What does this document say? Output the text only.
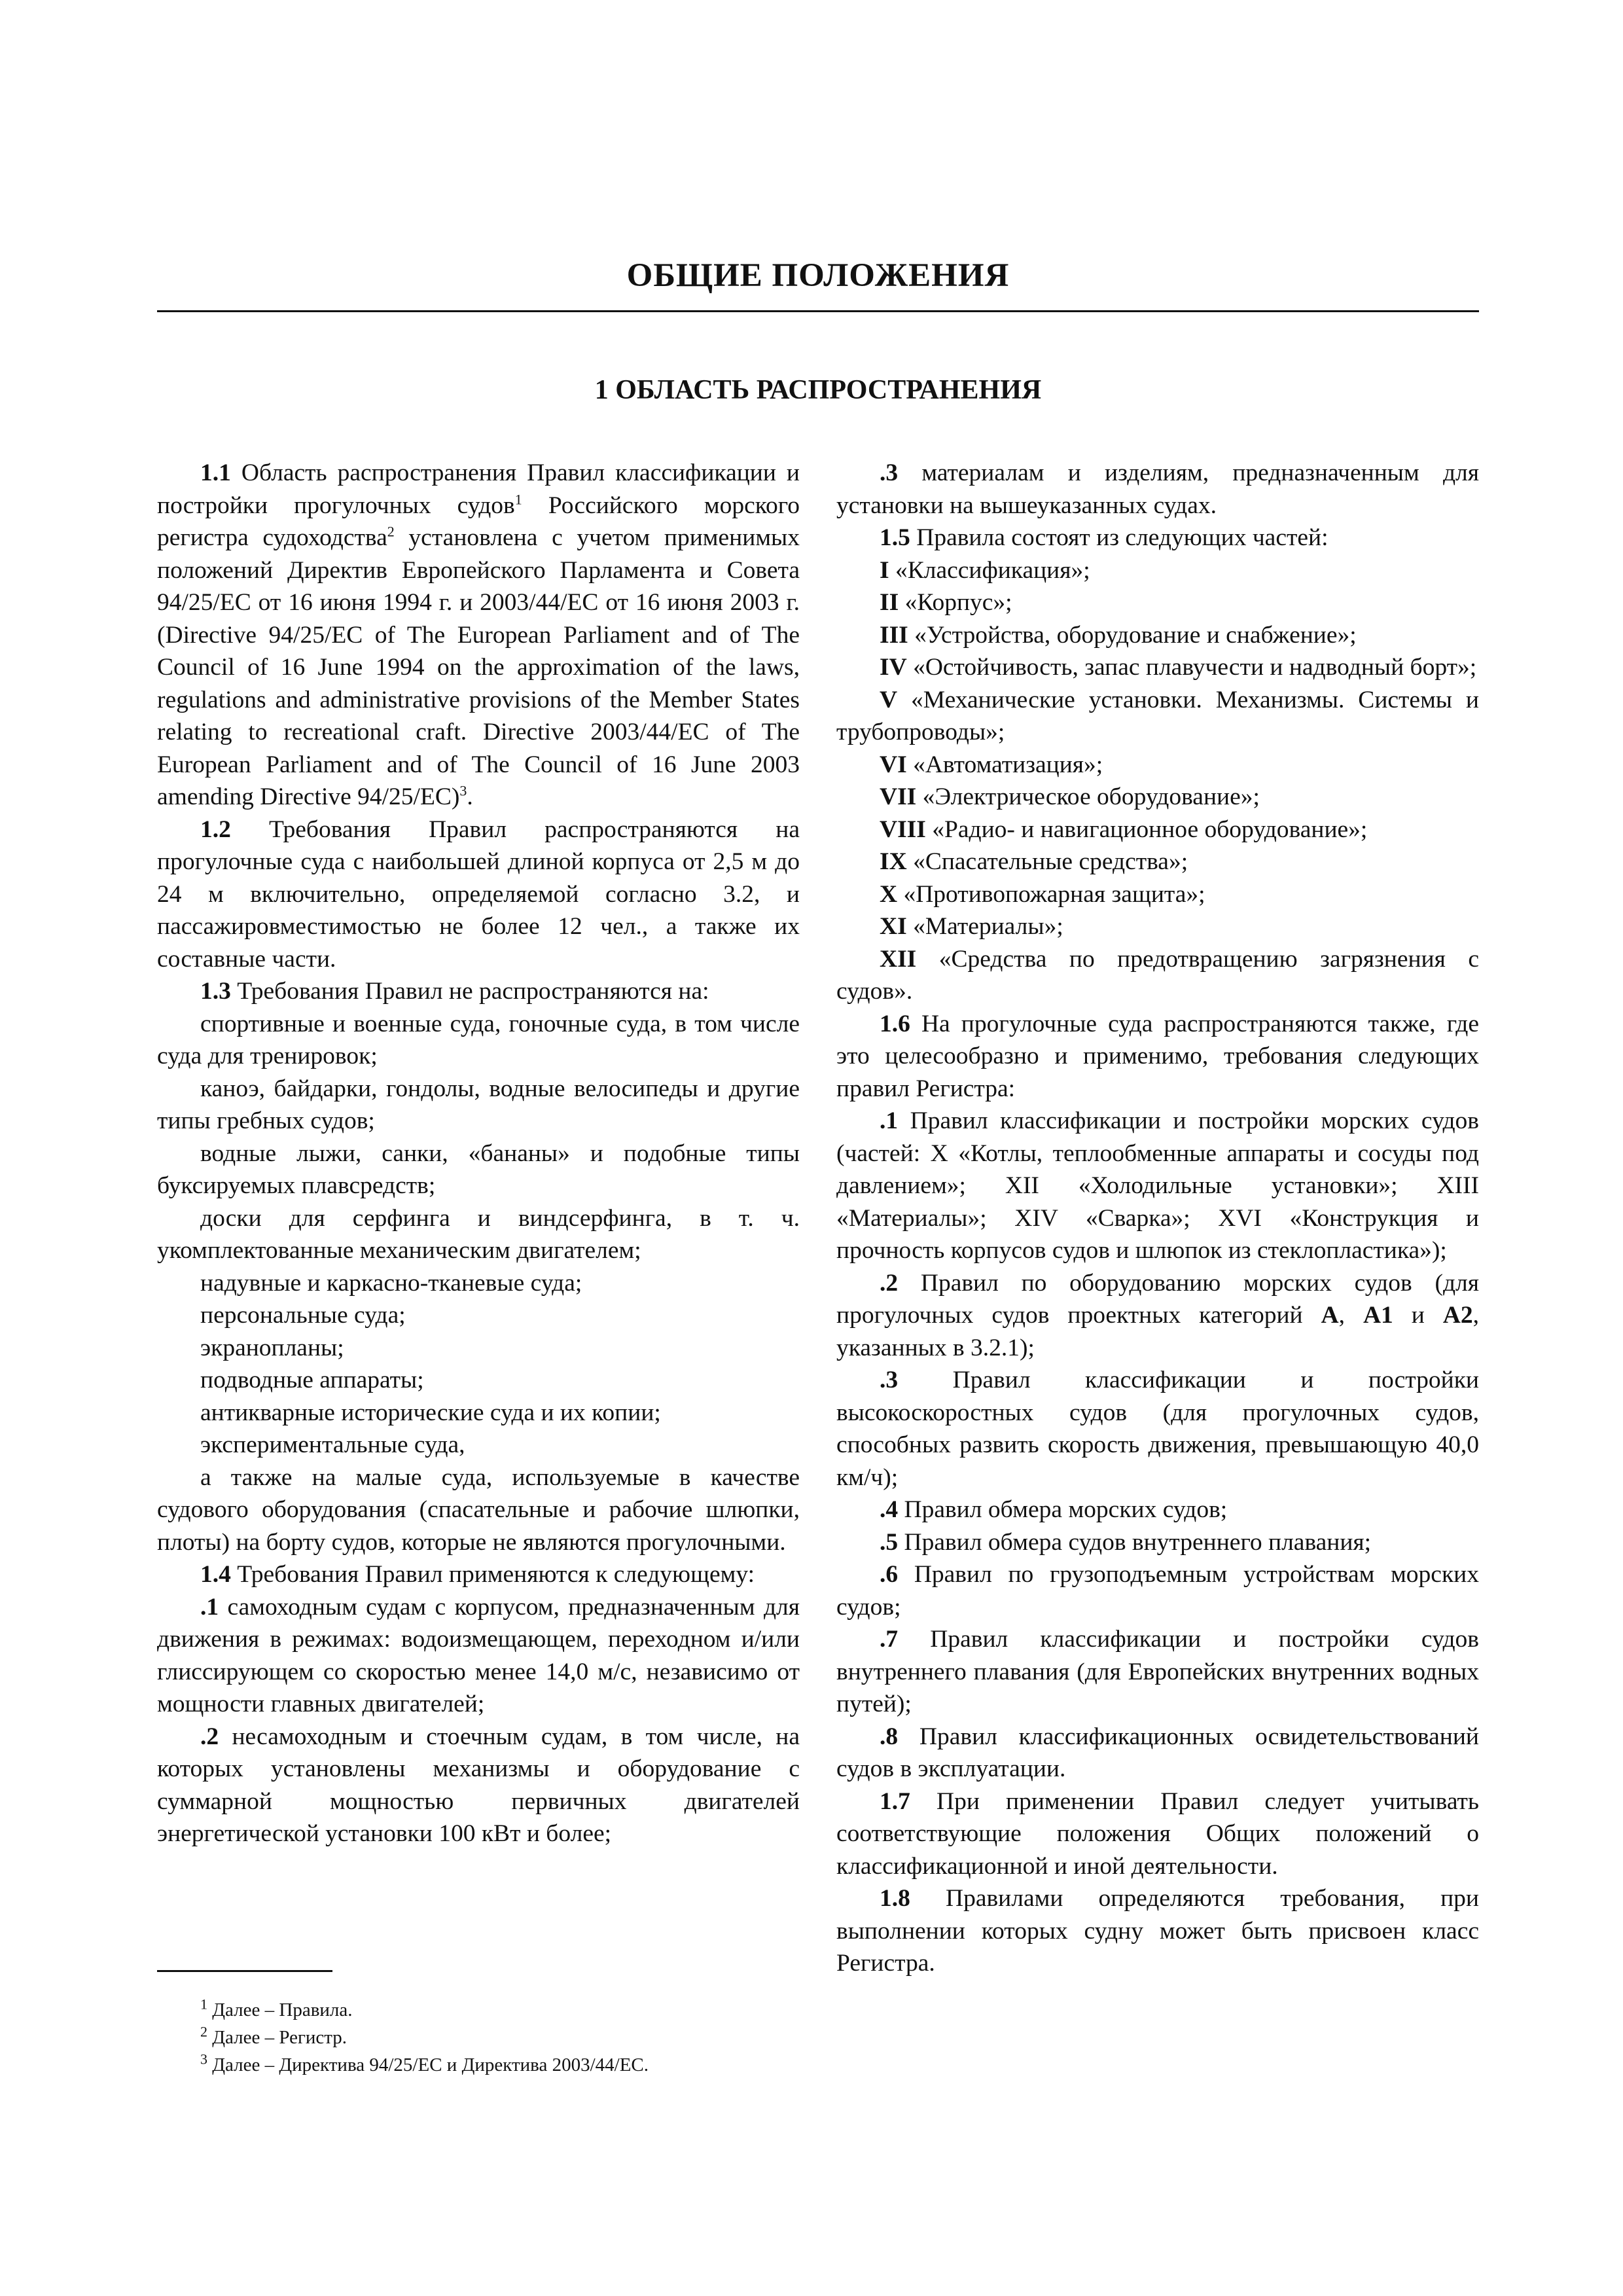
ОБЩИЕ ПОЛОЖЕНИЯ
1 ОБЛАСТЬ РАСПРОСТРАНЕНИЯ

1.1 Область распространения Правил классификации и постройки прогулочных судов$^1$ Российского морского регистра судоходства$^2$ установлена с учетом применимых положений Директив Европейского Парламента и Совета 94/25/ЕС от 16 июня 1994 г. и 2003/44/ЕС от 16 июня 2003 г. (Directive 94/25/EC of The European Parliament and of The Council of 16 June 1994 on the approximation of the laws, regulations and administrative provisions of the Member States relating to recreational craft. Directive 2003/44/EC of The European Parliament and of The Council of 16 June 2003 amending Directive 94/25/EC)$^3$.

1.2 Требования Правил распространяются на прогулочные суда с наибольшей длиной корпуса от 2,5 м до 24 м включительно, определяемой согласно 3.2, и пассажировместимостью не более 12 чел., а также их составные части.

1.3 Требования Правил не распространяются на:

спортивные и военные суда, гоночные суда, в том числе суда для тренировок;

каноэ, байдарки, гондолы, водные велосипеды и другие типы гребных судов;

водные лыжи, санки, «бананы» и подобные типы буксируемых плавсредств;

доски для серфинга и виндсерфинга, в т. ч. укомплектованные механическим двигателем;

надувные и каркасно-тканевые суда;

персональные суда;

экранопланы;

подводные аппараты;

антикварные исторические суда и их копии;

экспериментальные суда,

а также на малые суда, используемые в качестве судового оборудования (спасательные и рабочие шлюпки, плоты) на борту судов, которые не являются прогулочными.

1.4 Требования Правил применяются к следующему:

.1 самоходным судам с корпусом, предназначенным для движения в режимах: водоизмещающем, переходном и/или глиссирующем со скоростью менее 14,0 м/с, независимо от мощности главных двигателей;

.2 несамоходным и стоечным судам, в том числе, на которых установлены механизмы и оборудование с суммарной мощностью первичных двигателей энергетической установки 100 кВт и более;

$^1$ Далее – Правила.
$^2$ Далее – Регистр.
$^3$ Далее – Директива 94/25/ЕС и Директива 2003/44/ЕС.

.3 материалам и изделиям, предназначенным для установки на вышеуказанных судах.

1.5 Правила состоят из следующих частей:

I «Классификация»;

II «Корпус»;

III «Устройства, оборудование и снабжение»;

IV «Остойчивость, запас плавучести и надводный борт»;

V «Механические установки. Механизмы. Системы и трубопроводы»;

VI «Автоматизация»;

VII «Электрическое оборудование»;

VIII «Радио- и навигационное оборудование»;

IX «Спасательные средства»;

X «Противопожарная защита»;

XI «Материалы»;

XII «Средства по предотвращению загрязнения с судов».

1.6 На прогулочные суда распространяются также, где это целесообразно и применимо, требования следующих правил Регистра:

.1 Правил классификации и постройки морских судов (частей: X «Котлы, теплообменные аппараты и сосуды под давлением»; XII «Холодильные установки»; XIII «Материалы»; XIV «Сварка»; XVI «Конструкция и прочность корпусов судов и шлюпок из стеклопластика»);

.2 Правил по оборудованию морских судов (для прогулочных судов проектных категорий A, A1 и A2, указанных в 3.2.1);

.3 Правил классификации и постройки высокоскоростных судов (для прогулочных судов, способных развить скорость движения, превышающую 40,0 км/ч);

.4 Правил обмера морских судов;

.5 Правил обмера судов внутреннего плавания;

.6 Правил по грузоподъемным устройствам морских судов;

.7 Правил классификации и постройки судов внутреннего плавания (для Европейских внутренних водных путей);

.8 Правил классификационных освидетельствований судов в эксплуатации.

1.7 При применении Правил следует учитывать соответствующие положения Общих положений о классификационной и иной деятельности.

1.8 Правилами определяются требования, при выполнении которых судну может быть присвоен класс Регистра.
